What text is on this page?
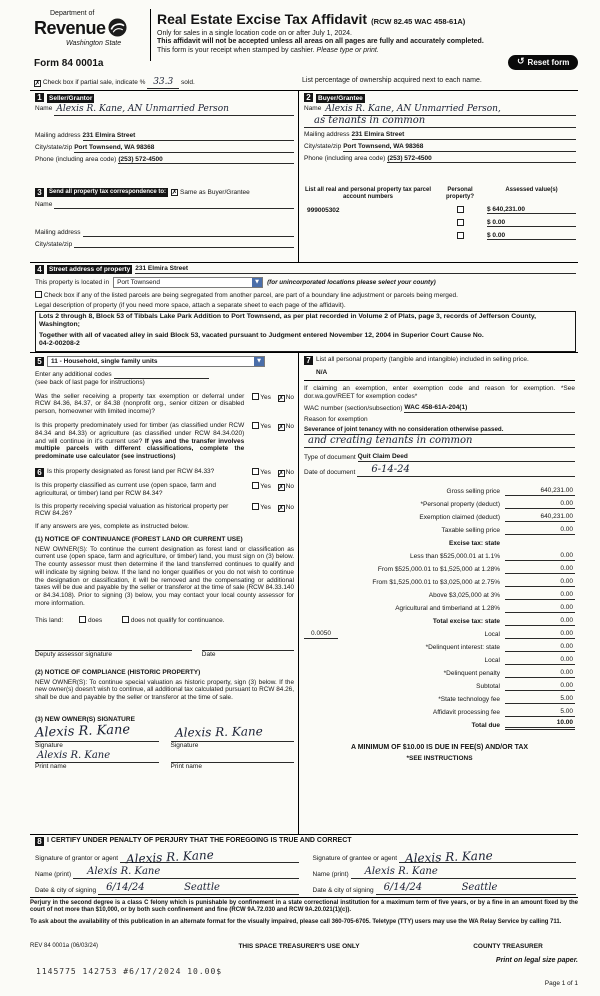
Department of
Revenue
Washington State
Real Estate Excise Tax Affidavit (RCW 82.45 WAC 458-61A)
Only for sales in a single location code on or after July 1, 2024.
This affidavit will not be accepted unless all areas on all pages are fully and accurately completed.
This form is your receipt when stamped by cashier. Please type or print.
Form 84 0001a	↺ Reset form
✗ Check box if partial sale, indicate % 33.3 sold.	List percentage of ownership acquired next to each name.
1 Seller/Grantor
Name Alexis R. Kane, AN Unmarried Person
Mailing address 231 Elmira Street
City/state/zip Port Townsend, WA 98368
Phone (including area code) (253) 572-4500
2 Buyer/Grantee
Name Alexis R. Kane, AN Unmarried Person,
as tenants in common
Mailing address 231 Elmira Street
City/state/zip Port Townsend, WA 98368
Phone (including area code) (253) 572-4500
3	Send all property tax correspondence to: ✗ Same as Buyer/Grantee
Name
Mailing address
City/state/zip
List all real and personal property tax parcel account numbers
Personal property?
Assessed value(s)
999005302	$ 640,231.00
$ 0.00
$ 0.00
4	Street address of property 231 Elmira Street
This property is located in	Port Townsend	▼ (for unincorporated locations please select your county)
Check box if any of the listed parcels are being segregated from another parcel, are part of a boundary line adjustment or parcels being merged.
Legal description of property (if you need more space, attach a separate sheet to each page of the affidavit).
Lots 2 through 8, Block 53 of Tibbals Lake Park Addition to Port Townsend, as per plat recorded in Volume 2 of Plats, page 3, records of Jefferson County, Washington;
Together with all of vacated alley in said Block 53, vacated pursuant to Judgment entered November 12, 2004 in Superior Court Cause No.
04-2-00208-2
5	11 - Household, single family units	▼
Enter any additional codes
(see back of last page for instructions)
Was the seller receiving a property tax exemption or deferral under RCW 84.36, 84.37, or 84.38 (nonprofit org., senior citizen or disabled person, homeowner with limited income)?
Yes ✗ No
Is this property predominately used for timber (as classified under RCW 84.34 and 84.33) or agriculture (as classified under RCW 84.34.020) and will continue in it's current use? If yes and the transfer involves multiple parcels with different classifications, complete the predominate use calculator (see instructions)
Yes ✗ No
6 Is this property designated as forest land per RCW 84.33?	Yes ✗ No
Is this property classified as current use (open space, farm and agricultural, or timber) land per RCW 84.34?
Yes ✗ No
Is this property receiving special valuation as historical property per RCW 84.26?
Yes ✗ No
If any answers are yes, complete as instructed below.
(1) NOTICE OF CONTINUANCE (FOREST LAND OR CURRENT USE)
NEW OWNER(S): To continue the current designation as forest land or classification as current use (open space, farm and agriculture, or timber) land, you must sign on (3) below. The county assessor must then determine if the land transferred continues to qualify and will indicate by signing below. If the land no longer qualifies or you do not wish to continue the designation or classification, it will be removed and the compensating or additional taxes will be due and payable by the seller or transferor at the time of sale (RCW 84.33.140 or 84.34.108). Prior to signing (3) below, you may contact your local county assessor for more information.
This land:	does	does not qualify for continuance.
Deputy assessor signature	Date
(2) NOTICE OF COMPLIANCE (HISTORIC PROPERTY)
NEW OWNER(S): To continue special valuation as historic property, sign (3) below. If the new owner(s) doesn't wish to continue, all additional tax calculated pursuant to RCW 84.26, shall be due and payable by the seller or transferor at the time of sale.
(3) NEW OWNER(S) SIGNATURE
Alexis R. Kane
Signature
Alexis R. Kane
Signature
Alexis R. Kane
Print name	Print name
7 List all personal property (tangible and intangible) included in selling price.
N/A
If claiming an exemption, enter exemption code and reason for exemption. *See dor.wa.gov/REET for exemption codes*
WAC number (section/subsection) WAC 458-61A-204(1)
Reason for exemption
Severance of joint tenancy with no consideration otherwise passed.
and creating tenants in common
Type of document Quit Claim Deed
Date of document 6-14-24
Gross selling price	640,231.00
*Personal property (deduct)	0.00
Exemption claimed (deduct)	640,231.00
Taxable selling price	0.00
Excise tax: state
Less than $525,000.01 at 1.1%	0.00
From $525,000.01 to $1,525,000 at 1.28%	0.00
From $1,525,000.01 to $3,025,000 at 2.75%	0.00
Above $3,025,000 at 3%	0.00
Agricultural and timberland at 1.28%	0.00
Total excise tax: state	0.00
0.0050	Local	0.00
*Delinquent interest: state	0.00
Local	0.00
*Delinquent penalty	0.00
Subtotal	0.00
*State technology fee	5.00
Affidavit processing fee	5.00
Total due	10.00
A MINIMUM OF $10.00 IS DUE IN FEE(S) AND/OR TAX
*SEE INSTRUCTIONS
8 I CERTIFY UNDER PENALTY OF PERJURY THAT THE FOREGOING IS TRUE AND CORRECT
Signature of grantor or agent Alexis R. Kane
Name (print) Alexis R. Kane
Date & city of signing 6/14/24	Seattle
Signature of grantee or agent Alexis R. Kane
Name (print) Alexis R. Kane
Date & city of signing 6/14/24	Seattle
Perjury in the second degree is a class C felony which is punishable by confinement in a state correctional institution for a maximum term of five years, or by a fine in an amount fixed by the court of not more than $10,000, or by both such confinement and fine (RCW 9A.72.030 and RCW 9A.20.021(1)(c)).
To ask about the availability of this publication in an alternate format for the visually impaired, please call 360-705-6705. Teletype (TTY) users may use the WA Relay Service by calling 711.
REV 84 0001a (06/03/24)	THIS SPACE TREASURER'S USE ONLY	COUNTY TREASURER
1145775 142753 #6/17/2024 10.00$
Print on legal size paper.
Page 1 of 1
